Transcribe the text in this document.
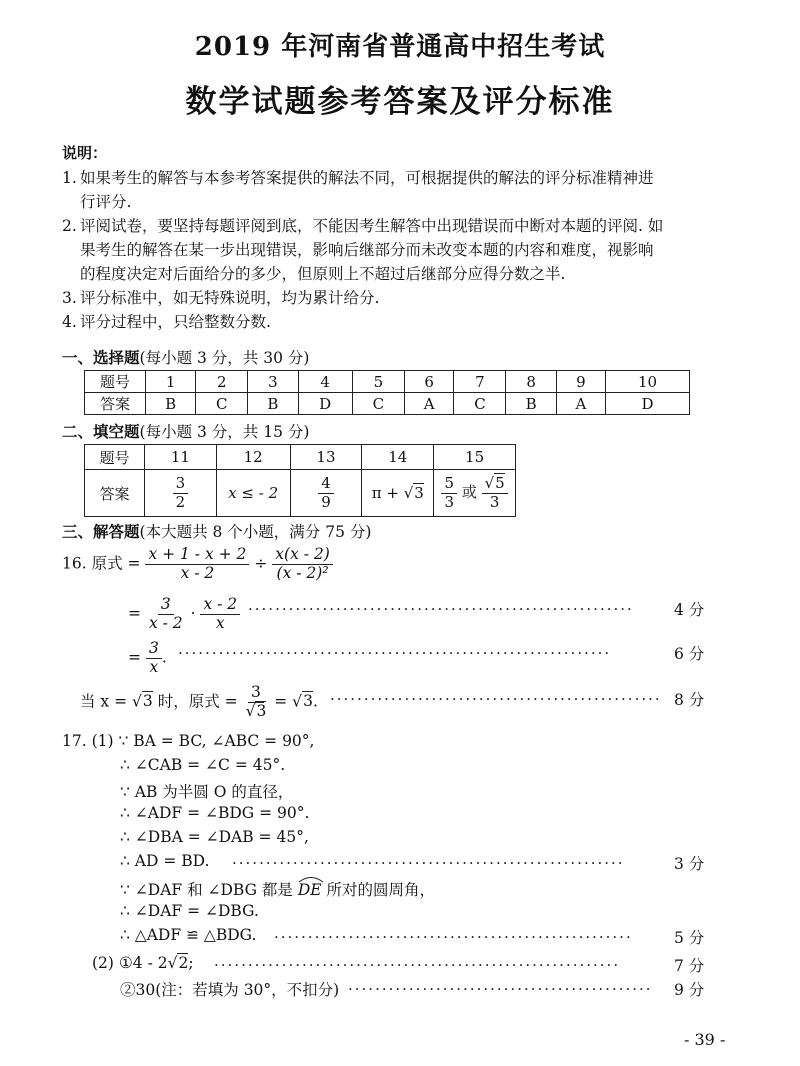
2019 年河南省普通高中招生考试
数学试题参考答案及评分标准
说明：
1. 如果考生的解答与本参考答案提供的解法不同，可根据提供的解法的评分标准精神进
行评分.
2. 评阅试卷，要坚持每题评阅到底，不能因考生解答中出现错误而中断对本题的评阅. 如
果考生的解答在某一步出现错误，影响后继部分而未改变本题的内容和难度，视影响
的程度决定对后面给分的多少，但原则上不超过后继部分应得分数之半.
3. 评分标准中，如无特殊说明，均为累计给分.
4. 评分过程中，只给整数分数.
一、选择题(每小题 3 分，共 30 分)
题号	1	2	3	4	5	6	7	8	9	10
答案	B	C	B	D	C	A	C	B	A	D
二、填空题(每小题 3 分，共 15 分)
题号	11	12	13	14	15
答案	$\frac{3}{2}$	x ≤ - 2	$\frac{4}{9}$	π + √3	$\frac{5}{3}$ 或 $\frac{√5}{3}$
三、解答题(本大题共 8 个小题，满分 75 分)
16. 原式 = $\frac{x + 1 - x + 2}{x - 2} \div \frac{x(x - 2)}{\text{(x - 2)²}}$
= $\frac{3}{x - 2} \cdot \frac{x - 2}{x}$ ·························································	4 分
= $\frac{3}{x}$ . ································································	6 分
当 x = √3 时，原式 = $\frac{3}{√3} = √3$. ················································· 8 分
17. (1) ∵ BA = BC, ∠ABC = 90°,
∴ ∠CAB = ∠C = 45°.
∵ AB 为半圆 O 的直径，
∴ ∠ADF = ∠BDG = 90°.
∴ ∠DBA = ∠DAB = 45°,
∴ AD = BD. ··························································	3 分
∵ ∠DAF 和 ∠DBG 都是 DE 所对的圆周角，
∴ ∠DAF = ∠DBG.
∴ △ADF ≌ △BDG. ·····················································	5 分
(2) ①4 - 2√2; ····························································	7 分
②30(注：若填为 30°，不扣分) ············································· 9 分
- 39 -
